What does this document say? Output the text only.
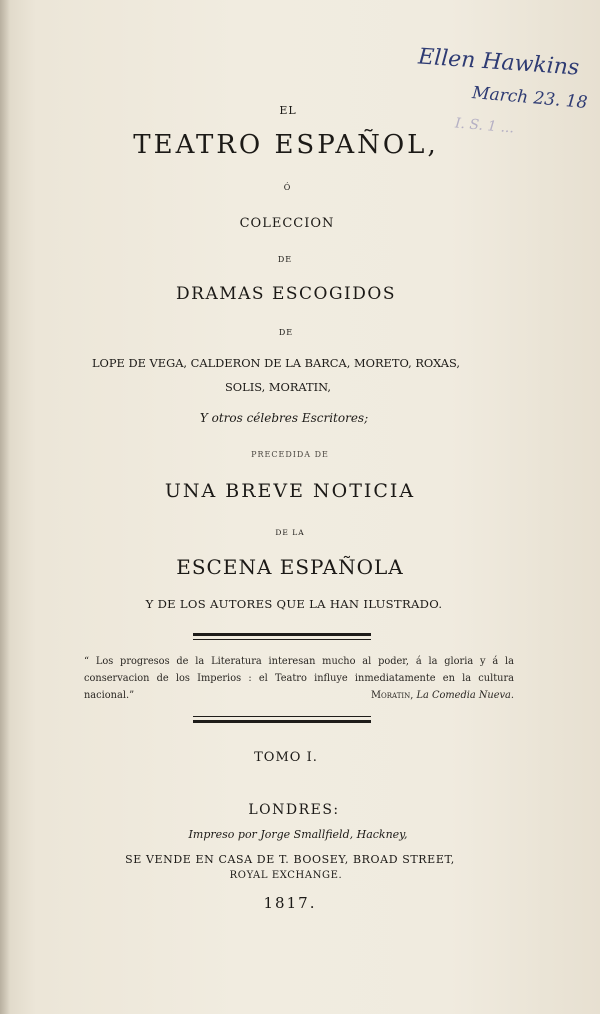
Ellen Hawkins
March 23. 18
I. S. 1 ...
EL
TEATRO ESPAÑOL,
Ó
COLECCION
DE
DRAMAS ESCOGIDOS
DE
LOPE DE VEGA, CALDERON DE LA BARCA, MORETO, ROXAS,
SOLIS, MORATIN,
Y otros célebres Escritores;
PRECEDIDA DE
UNA BREVE NOTICIA
DE LA
ESCENA ESPAÑOLA
Y DE LOS AUTORES QUE LA HAN ILUSTRADO.
“ Los progresos de la Literatura interesan mucho al poder, á la gloria y á la conservacion de los Imperios : el Teatro influye inmediatamente en la cultura nacional.”	Moratin, La Comedia Nueva.
TOMO I.
LONDRES:
Impreso por Jorge Smallfield, Hackney,
SE VENDE EN CASA DE T. BOOSEY, BROAD STREET,
ROYAL EXCHANGE.
1817.
